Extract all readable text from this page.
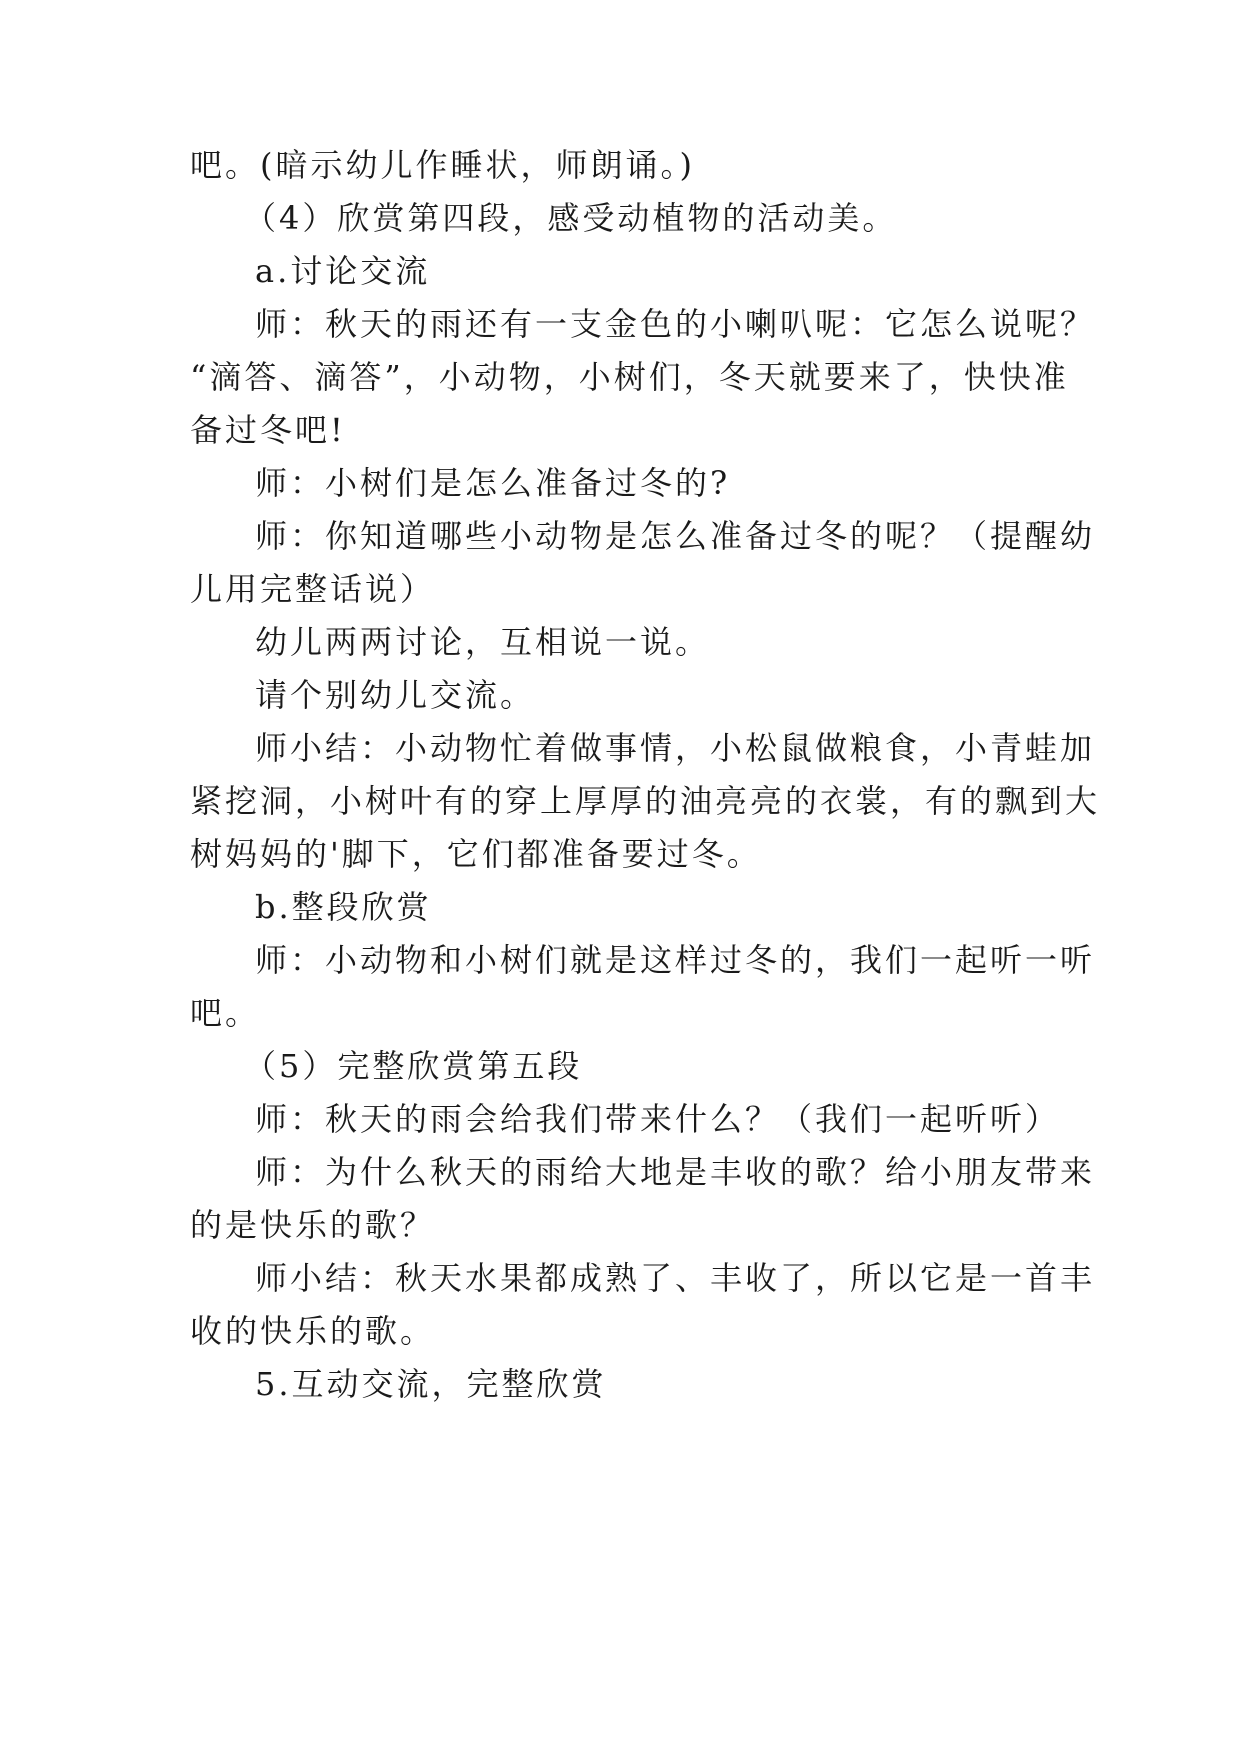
吧。(暗示幼儿作睡状，师朗诵。)
（4）欣赏第四段，感受动植物的活动美。
a.讨论交流
师：秋天的雨还有一支金色的小喇叭呢：它怎么说呢？
“滴答、滴答”，小动物，小树们，冬天就要来了，快快准
备过冬吧!
师：小树们是怎么准备过冬的?
师：你知道哪些小动物是怎么准备过冬的呢？（提醒幼
儿用完整话说）
幼儿两两讨论，互相说一说。
请个别幼儿交流。
师小结：小动物忙着做事情，小松鼠做粮食，小青蛙加
紧挖洞，小树叶有的穿上厚厚的油亮亮的衣裳，有的飘到大
树妈妈的'脚下，它们都准备要过冬。
b.整段欣赏
师：小动物和小树们就是这样过冬的，我们一起听一听
吧。
（5）完整欣赏第五段
师：秋天的雨会给我们带来什么？（我们一起听听）
师：为什么秋天的雨给大地是丰收的歌？给小朋友带来
的是快乐的歌？
师小结：秋天水果都成熟了、丰收了，所以它是一首丰
收的快乐的歌。
5.互动交流，完整欣赏
